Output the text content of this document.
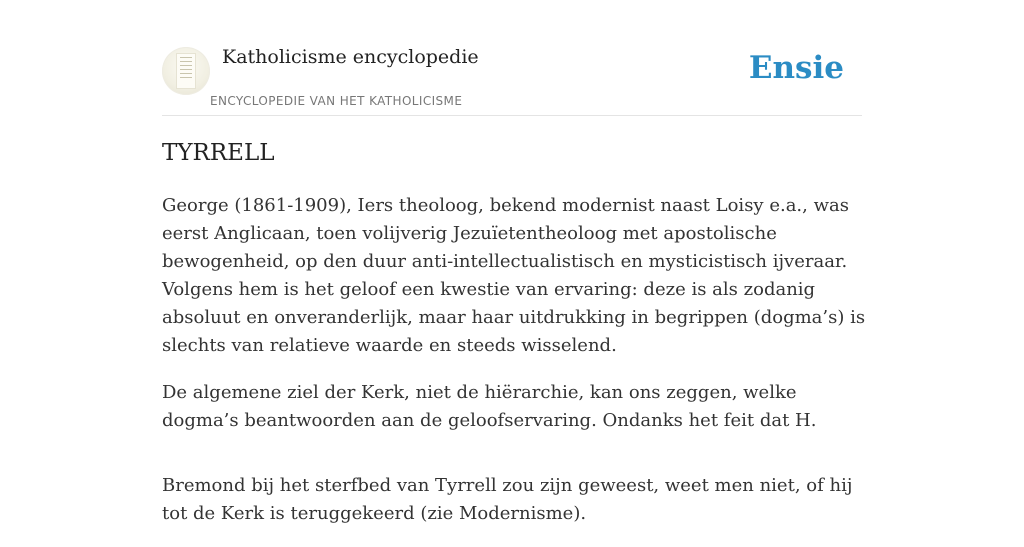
Katholicisme encyclopedie
ENCYCLOPEDIE VAN HET KATHOLICISME
Ensie
TYRRELL

George (1861-1909), Iers theoloog, bekend modernist naast Loisy e.a., was eerst Anglicaan, toen volijverig Jezuïetentheoloog met apostolische bewogenheid, op den duur anti-intellectualistisch en mysticistisch ijveraar. Volgens hem is het geloof een kwestie van ervaring: deze is als zodanig absoluut en onveranderlijk, maar haar uitdrukking in begrippen (dogma’s) is slechts van relatieve waarde en steeds wisselend.

De algemene ziel der Kerk, niet de hiërarchie, kan ons zeggen, welke dogma’s beantwoorden aan de geloofservaring. Ondanks het feit dat H.

Bremond bij het sterfbed van Tyrrell zou zijn geweest, weet men niet, of hij tot de Kerk is teruggekeerd (zie Modernisme).
